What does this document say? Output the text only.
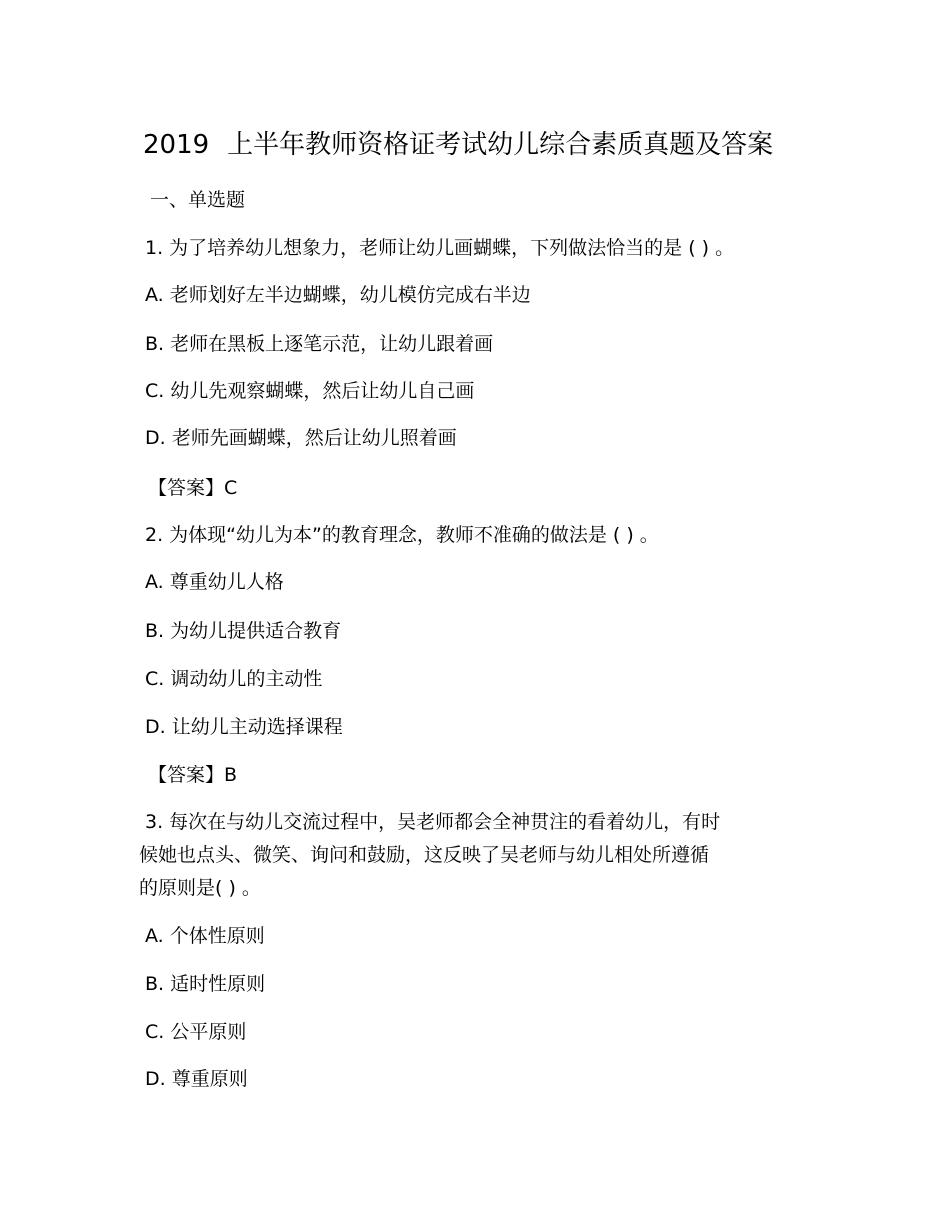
2019 上半年教师资格证考试幼儿综合素质真题及答案
一、单选题
1. 为了培养幼儿想象力，老师让幼儿画蝴蝶，下列做法恰当的是 ( ) 。
A. 老师划好左半边蝴蝶，幼儿模仿完成右半边
B. 老师在黑板上逐笔示范，让幼儿跟着画
C. 幼儿先观察蝴蝶，然后让幼儿自己画
D. 老师先画蝴蝶，然后让幼儿照着画
【答案】C
2. 为体现“幼儿为本”的教育理念，教师不准确的做法是 ( ) 。
A. 尊重幼儿人格
B. 为幼儿提供适合教育
C. 调动幼儿的主动性
D. 让幼儿主动选择课程
【答案】B
3. 每次在与幼儿交流过程中，吴老师都会全神贯注的看着幼儿，有时
候她也点头、微笑、询问和鼓励，这反映了吴老师与幼儿相处所遵循
的原则是( ) 。
A. 个体性原则
B. 适时性原则
C. 公平原则
D. 尊重原则
